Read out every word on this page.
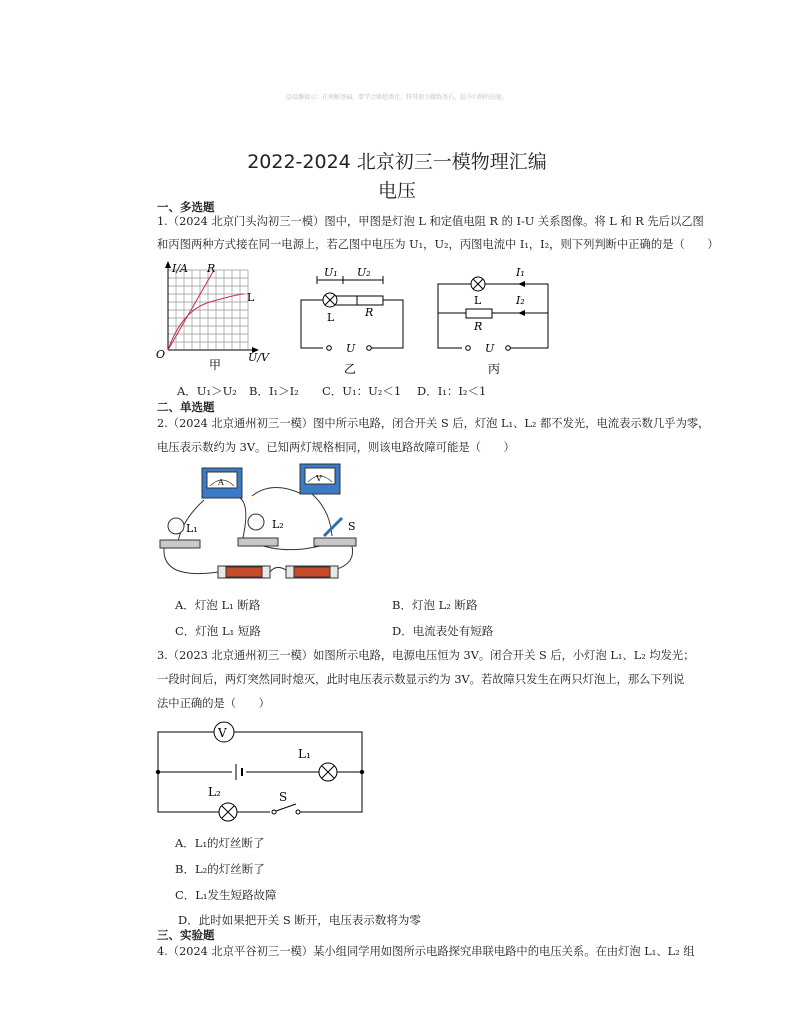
☺温馨提示：在理解基础，要学会联想类比，将其视为做练基石，提升归纳的技能。
2022-2024 北京初三一模物理汇编
电压
一、多选题
1.（2024 北京门头沟初三一模）图中，甲图是灯泡 L 和定值电阻 R 的 I-U 关系图像。将 L 和 R 先后以乙图
和丙图两种方式接在同一电源上，若乙图中电压为 U₁，U₂，丙图电流中 I₁，I₂，则下列判断中正确的是（　　）
I/A R
L
O	U/V
甲
U₁ U₂
L	R
U
乙
I₁
I₂
L
R
U
丙
A．U₁＞U₂ B．I₁＞I₂ C．U₁：U₂＜1 D．I₁：I₂＜1
二、单选题
2.（2024 北京通州初三一模）图中所示电路，闭合开关 S 后，灯泡 L₁、L₂ 都不发光，电流表示数几乎为零，
电压表示数约为 3V。已知两灯规格相同，则该电路故障可能是（　　）
A	V
L₁	L₂	S
A．灯泡 L₁ 断路	B．灯泡 L₂ 断路
C．灯泡 L₁ 短路	D．电流表处有短路
3.（2023 北京通州初三一模）如图所示电路，电源电压恒为 3V。闭合开关 S 后，小灯泡 L₁、L₂ 均发光；
一段时间后，两灯突然同时熄灭，此时电压表示数显示约为 3V。若故障只发生在两只灯泡上，那么下列说
法中正确的是（　　）
V
L₁
L₂	S
A．L₁的灯丝断了
B．L₂的灯丝断了
C．L₁发生短路故障
D．此时如果把开关 S 断开，电压表示数将为零
三、实验题
4.（2024 北京平谷初三一模）某小组同学用如图所示电路探究串联电路中的电压关系。在由灯泡 L₁、L₂ 组
